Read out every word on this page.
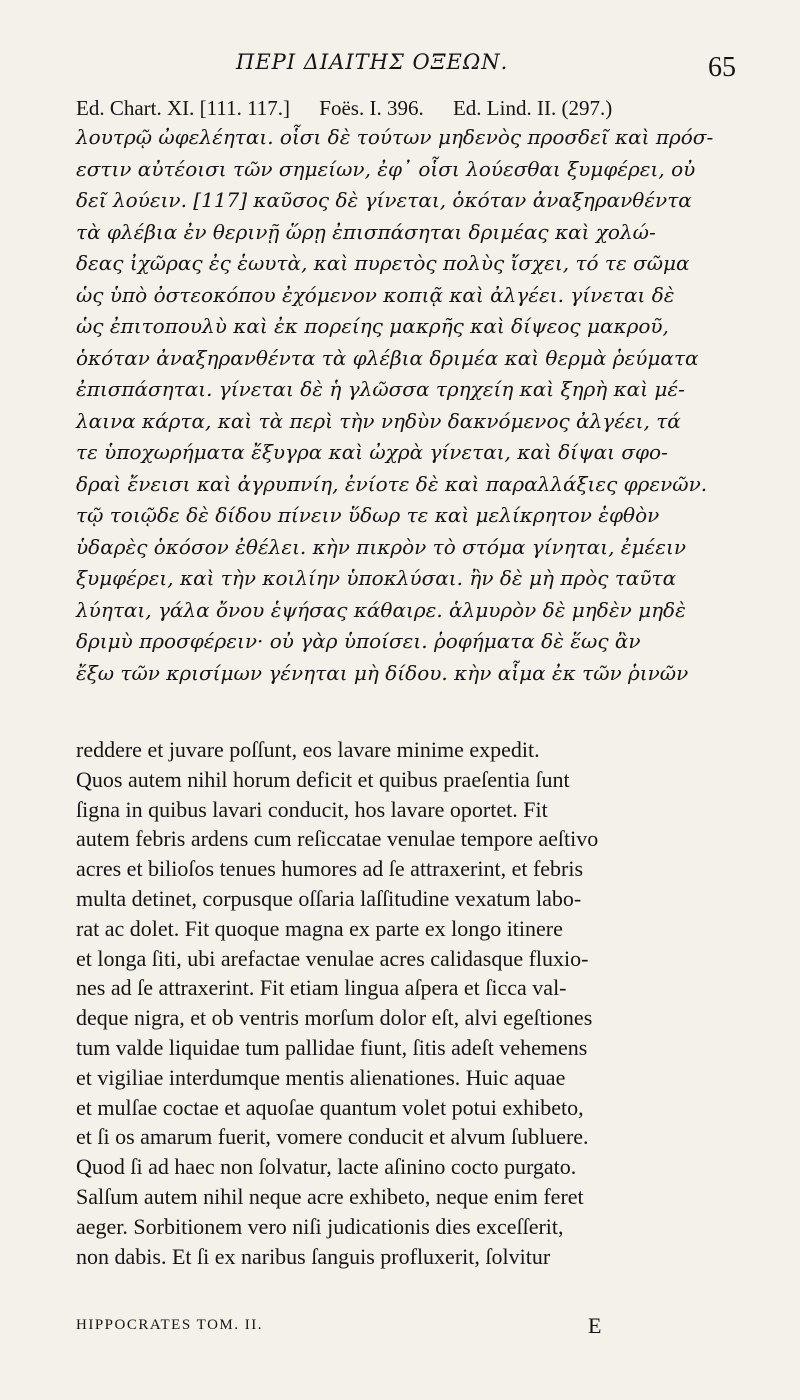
ΠΕΡΙ ΔΙΑΙΤΗΣ ΟΞΕΩΝ.	65
Ed. Chart. XI. [111. 117.] Foës. I. 396. Ed. Lind. II. (297.)
λουτρῷ ὠφελέηται. οἷσι δὲ τούτων μηδενὸς προσδεῖ καὶ πρόσ-
εστιν αὐτέοισι τῶν σημείων, ἐφ᾽ οἷσι λούεσθαι ξυμφέρει, οὐ
δεῖ λούειν. [117] καῦσος δὲ γίνεται, ὁκόταν ἀναξηρανθέντα
τὰ φλέβια ἐν θερινῇ ὥρῃ ἐπισπάσηται δριμέας καὶ χολώ-
δεας ἰχῶρας ἐς ἑωυτὰ, καὶ πυρετὸς πολὺς ἴσχει, τό τε σῶμα
ὡς ὑπὸ ὀστεοκόπου ἐχόμενον κοπιᾷ καὶ ἀλγέει. γίνεται δὲ
ὡς ἐπιτοπουλὺ καὶ ἐκ πορείης μακρῆς καὶ δίψεος μακροῦ,
ὁκόταν ἀναξηρανθέντα τὰ φλέβια δριμέα καὶ θερμὰ ῥεύματα
ἐπισπάσηται. γίνεται δὲ ἡ γλῶσσα τρηχείη καὶ ξηρὴ καὶ μέ-
λαινα κάρτα, καὶ τὰ περὶ τὴν νηδὺν δακνόμενος ἀλγέει, τά
τε ὑποχωρήματα ἔξυγρα καὶ ὠχρὰ γίνεται, καὶ δίψαι σφο-
δραὶ ἔνεισι καὶ ἀγρυπνίη, ἐνίοτε δὲ καὶ παραλλάξιες φρενῶν.
τῷ τοιῷδε δὲ δίδου πίνειν ὕδωρ τε καὶ μελίκρητον ἑφθὸν
ὑδαρὲς ὁκόσον ἐθέλει. κὴν πικρὸν τὸ στόμα γίνηται, ἐμέειν
ξυμφέρει, καὶ τὴν κοιλίην ὑποκλύσαι. ἢν δὲ μὴ πρὸς ταῦτα
λύηται, γάλα ὄνου ἑψήσας κάθαιρε. ἁλμυρὸν δὲ μηδὲν μηδὲ
δριμὺ προσφέρειν· οὐ γὰρ ὑποίσει. ῥοφήματα δὲ ἕως ἂν
ἔξω τῶν κρισίμων γένηται μὴ δίδου. κὴν αἷμα ἐκ τῶν ῥινῶν
reddere et juvare poſſunt, eos lavare minime expedit.
Quos autem nihil horum deficit et quibus praeſentia ſunt
ſigna in quibus lavari conducit, hos lavare oportet. Fit
autem febris ardens cum reſiccatae venulae tempore aeſtivo
acres et bilioſos tenues humores ad ſe attraxerint, et febris
multa detinet, corpusque oſſaria laſſitudine vexatum labo-
rat ac dolet. Fit quoque magna ex parte ex longo itinere
et longa ſiti, ubi arefactae venulae acres calidasque fluxio-
nes ad ſe attraxerint. Fit etiam lingua aſpera et ſicca val-
deque nigra, et ob ventris morſum dolor eſt, alvi egeſtiones
tum valde liquidae tum pallidae fiunt, ſitis adeſt vehemens
et vigiliae interdumque mentis alienationes. Huic aquae
et mulſae coctae et aquoſae quantum volet potui exhibeto,
et ſi os amarum fuerit, vomere conducit et alvum ſubluere.
Quod ſi ad haec non ſolvatur, lacte aſinino cocto purgato.
Salſum autem nihil neque acre exhibeto, neque enim feret
aeger. Sorbitionem vero niſi judicationis dies exceſſerit,
non dabis. Et ſi ex naribus ſanguis profluxerit, ſolvitur
HIPPOCRATES TOM. II.	E
